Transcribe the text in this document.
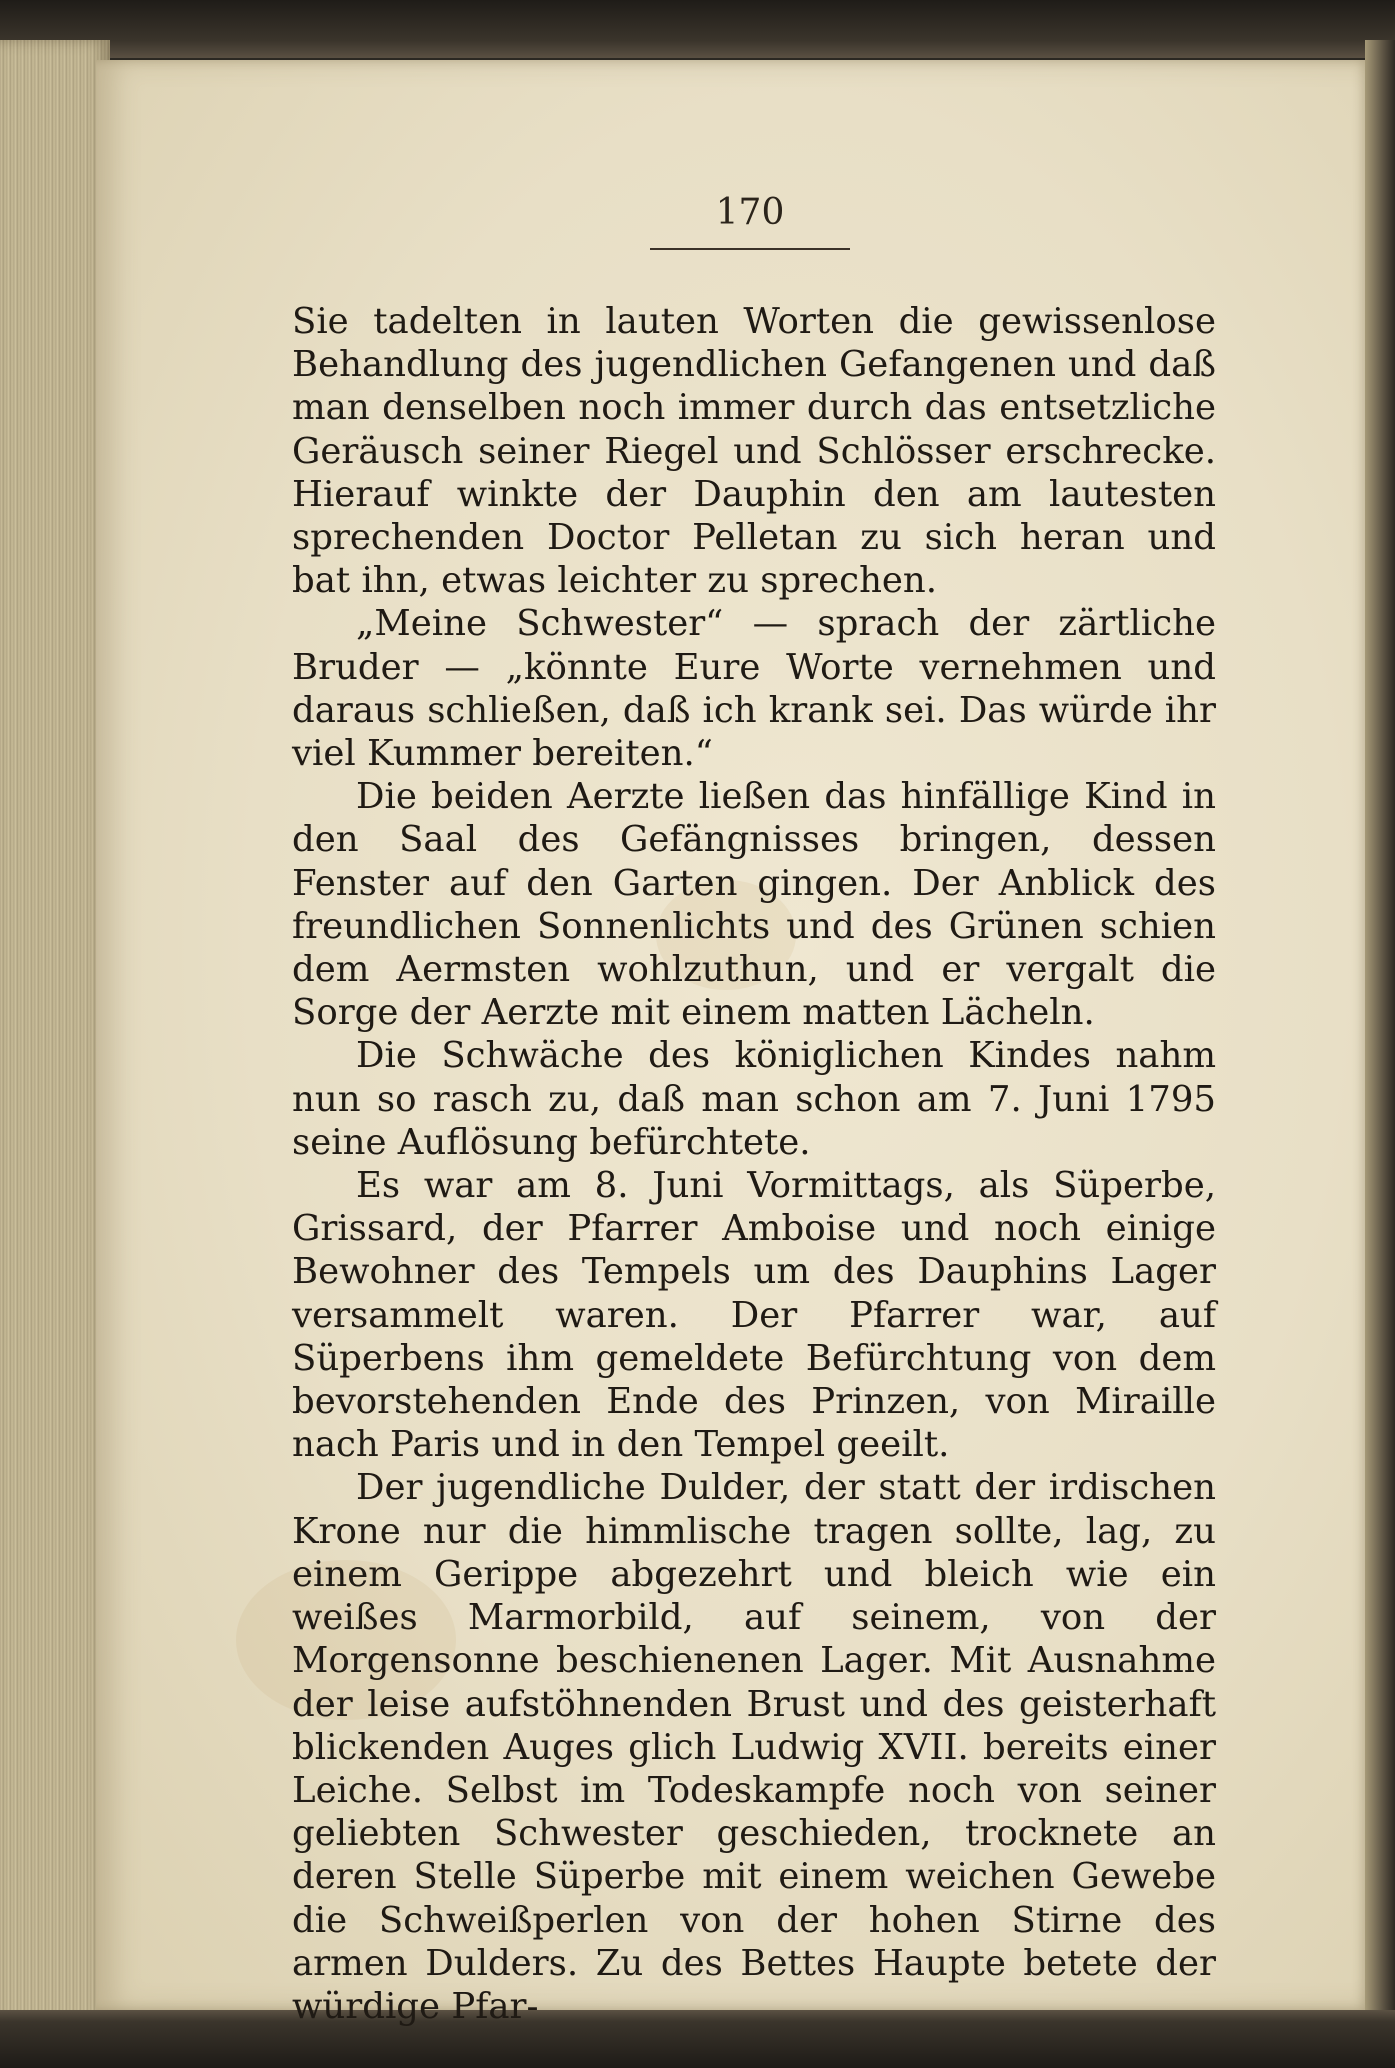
170

Sie tadelten in lauten Worten die gewissenlose Behandlung des jugendlichen Gefangenen und daß man denselben noch immer durch das entsetzliche Geräusch seiner Riegel und Schlösser erschrecke. Hierauf winkte der Dauphin den am lautesten sprechenden Doctor Pelletan zu sich heran und bat ihn, etwas leichter zu sprechen.

„Meine Schwester“ — sprach der zärtliche Bruder — „könnte Eure Worte vernehmen und daraus schließen, daß ich krank sei. Das würde ihr viel Kummer bereiten.“

Die beiden Aerzte ließen das hinfällige Kind in den Saal des Gefängnisses bringen, dessen Fenster auf den Garten gingen. Der Anblick des freundlichen Sonnenlichts und des Grünen schien dem Aermsten wohlzuthun, und er vergalt die Sorge der Aerzte mit einem matten Lächeln.

Die Schwäche des königlichen Kindes nahm nun so rasch zu, daß man schon am 7. Juni 1795 seine Auflösung befürchtete.

Es war am 8. Juni Vormittags, als Süperbe, Grissard, der Pfarrer Amboise und noch einige Bewohner des Tempels um des Dauphins Lager versammelt waren. Der Pfarrer war, auf Süperbens ihm gemeldete Befürchtung von dem bevorstehenden Ende des Prinzen, von Miraille nach Paris und in den Tempel geeilt.

Der jugendliche Dulder, der statt der irdischen Krone nur die himmlische tragen sollte, lag, zu einem Gerippe abgezehrt und bleich wie ein weißes Marmorbild, auf seinem, von der Morgensonne beschienenen Lager. Mit Ausnahme der leise aufstöhnenden Brust und des geisterhaft blickenden Auges glich Ludwig XVII. bereits einer Leiche. Selbst im Todeskampfe noch von seiner geliebten Schwester geschieden, trocknete an deren Stelle Süperbe mit einem weichen Gewebe die Schweißperlen von der hohen Stirne des armen Dulders. Zu des Bettes Haupte betete der würdige Pfar-
